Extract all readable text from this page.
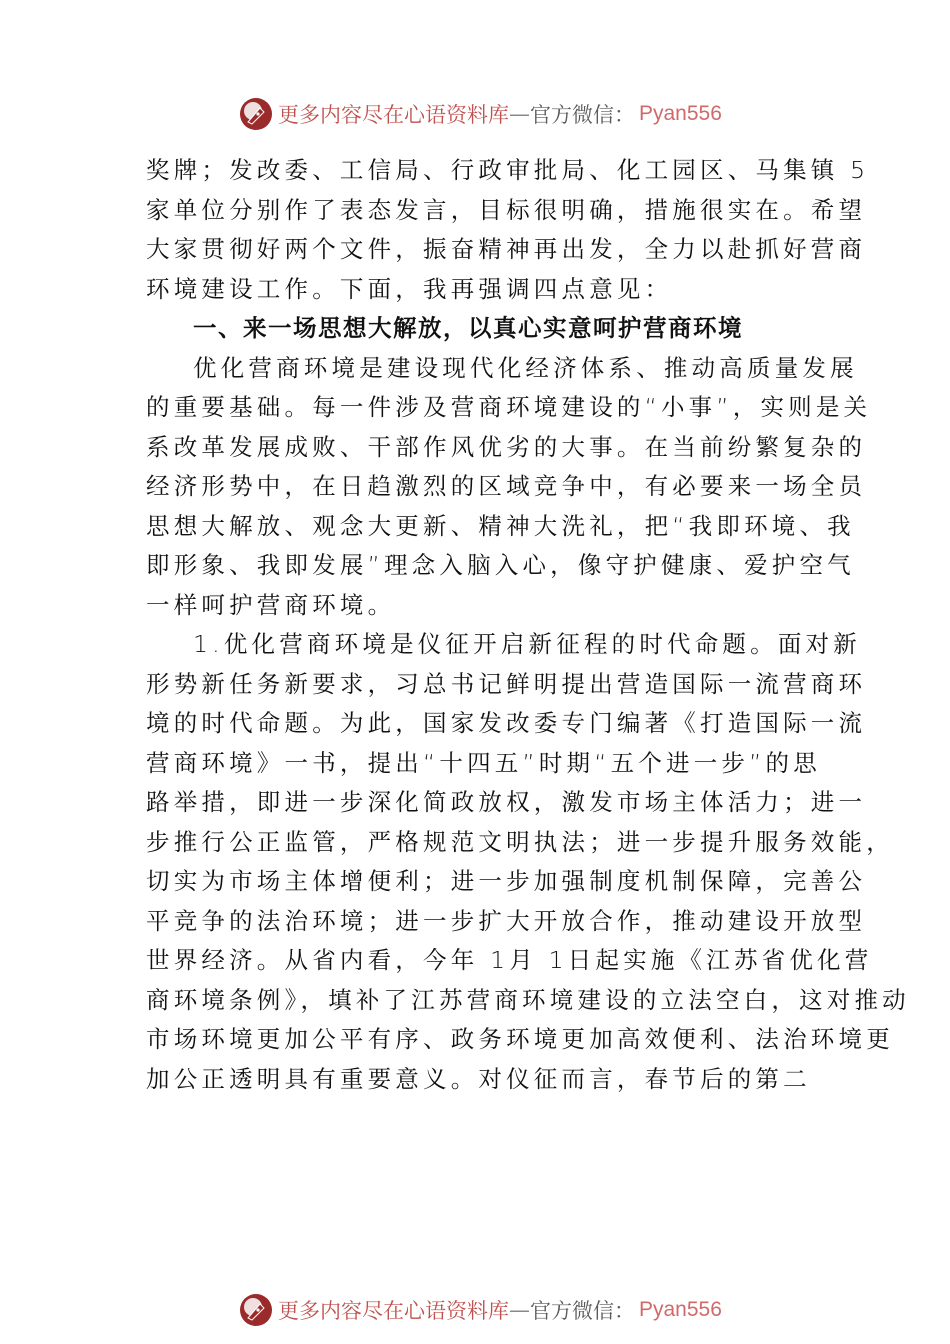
更多内容尽在心语资料库 — 官方微信： Pyan556
奖牌；发改委、工信局、行政审批局、化工园区、马集镇 5
家单位分别作了表态发言，目标很明确，措施很实在。希望
大家贯彻好两个文件，振奋精神再出发，全力以赴抓好营商
环境建设工作。下面，我再强调四点意见：
一、来一场思想大解放，以真心实意呵护营商环境
优化营商环境是建设现代化经济体系、推动高质量发展
的重要基础。每一件涉及营商环境建设的“小事”，实则是关
系改革发展成败、干部作风优劣的大事。在当前纷繁复杂的
经济形势中，在日趋激烈的区域竞争中，有必要来一场全员
思想大解放、观念大更新、精神大洗礼，把“我即环境、我
即形象、我即发展”理念入脑入心，像守护健康、爱护空气
一样呵护营商环境。
1.优化营商环境是仪征开启新征程的时代命题。面对新
形势新任务新要求，习总书记鲜明提出营造国际一流营商环
境的时代命题。为此，国家发改委专门编著《打造国际一流
营商环境》一书，提出“十四五”时期“五个进一步”的思
路举措，即进一步深化简政放权，激发市场主体活力；进一
步推行公正监管，严格规范文明执法；进一步提升服务效能，
切实为市场主体增便利；进一步加强制度机制保障，完善公
平竞争的法治环境；进一步扩大开放合作，推动建设开放型
世界经济。从省内看，今年 1月 1日起实施《江苏省优化营
商环境条例》，填补了江苏营商环境建设的立法空白，这对推动
市场环境更加公平有序、政务环境更加高效便利、法治环境更
加公正透明具有重要意义。对仪征而言，春节后的第二
更多内容尽在心语资料库 — 官方微信： Pyan556
